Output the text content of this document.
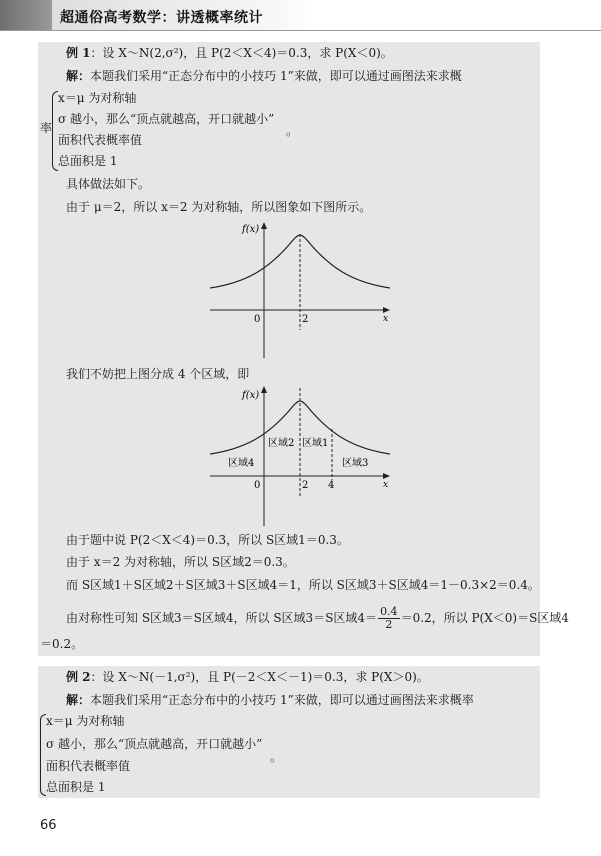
超通俗高考数学：讲透概率统计
例 1：设 X～N(2,σ²)，且 P(2＜X＜4)＝0.3，求 P(X＜0)。
解：本题我们采用“正态分布中的小技巧 1”来做，即可以通过画图法来求概
率
x＝μ 为对称轴
σ 越小，那么“顶点就越高，开口就越小”
。
面积代表概率值
总面积是 1
具体做法如下。
由于 μ＝2，所以 x＝2 为对称轴，所以图象如下图所示。
f(x)
x
0	2
我们不妨把上图分成 4 个区域，即
f(x)
x
0	2 4
区域1
区域2
区域3
区域4
由于题中说 P(2＜X＜4)＝0.3，所以 S区域1＝0.3。
由于 x＝2 为对称轴，所以 S区域2＝0.3。
而 S区域1＋S区域2＋S区域3＋S区域4＝1，所以 S区域3＋S区域4＝1－0.3×2＝0.4。
由对称性可知 S区域3＝S区域4，所以 S区域3＝S区域$4= \frac{0.4}{2} =0.2$，所以 P(X＜0)＝S区域4
＝0.2。
例 2：设 X～N(－1,σ²)，且 P(－2＜X＜－1)＝0.3，求 P(X＞0)。
解：本题我们采用“正态分布中的小技巧 1”来做，即可以通过画图法来求概率
x＝μ 为对称轴
σ 越小，那么“顶点就越高，开口就越小”
。
面积代表概率值
总面积是 1
66
